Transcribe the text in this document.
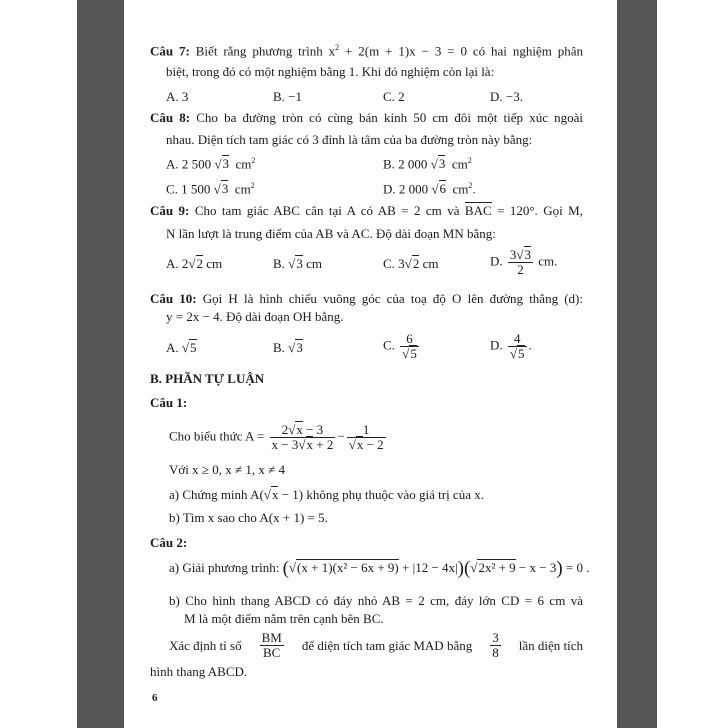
Câu 7: Biết rằng phương trình $x^2 + 2(m + 1)x - 3 = 0$ có hai nghiệm phân
biệt, trong đó có một nghiệm bằng 1. Khi đó nghiệm còn lại là:
A. 3	B. −1	C. 2	D. −3.
Câu 8: Cho ba đường tròn có cùng bán kính 50 cm đôi một tiếp xúc ngoài
nhau. Diện tích tam giác có 3 đỉnh là tâm của ba đường tròn này bằng:
A. 2 500 √3 $cm^2$	B. 2 000 √3 $cm^2$
C. 1 500 √3 $cm^2$	D. 2 000 √6 $cm^2$.
Câu 9: Cho tam giác ABC cân tại A có AB = 2 cm và BAC = 120°. Gọi M,
N lần lượt là trung điểm của AB và AC. Độ dài đoạn MN bằng:
A. 2√2 cm	B. √3 cm	C. 3√2 cm	D. $\frac{3√3}{2}$ cm.
Câu 10: Gọi H là hình chiếu vuông góc của toạ độ O lên đường thẳng (d):
y = 2x − 4. Độ dài đoạn OH bằng.
A. √5	B. √3	C. $\frac{6}{√5}$	D. $\frac{4}{√5}$ .
B. PHẦN TỰ LUẬN
Câu 1:
Cho biểu thức $A = \frac{2√x - 3}{x - 3√x + 2} - \frac{1}{√x - 2}$
Với x ≥ 0, x ≠ 1, x ≠ 4
a) Chứng minh A(√x − 1) không phụ thuộc vào giá trị của x.
b) Tìm x sao cho A(x + 1) = 5.
Câu 2:
a) Giải phương trình: (√(x + 1)(x² − 6x + 9) + |12 − 4x|)(√2x² + 9 − x − 3) = 0 .
b) Cho hình thang ABCD có đáy nhỏ AB = 2 cm, đáy lớn CD = 6 cm và
M là một điểm nằm trên cạnh bên BC.
Xác định tỉ số $\frac{BM}{BC}$ để diện tích tam giác MAD bằng $\frac{3}{8}$ lần diện tích
hình thang ABCD.
6
